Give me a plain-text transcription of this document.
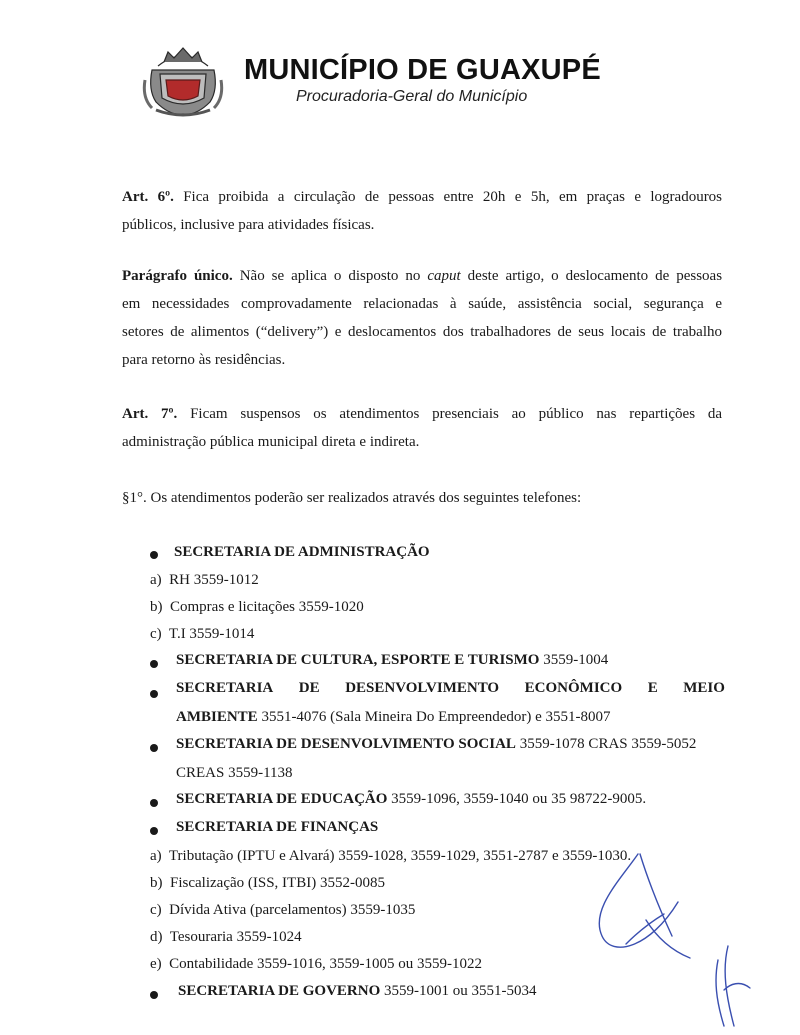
MUNICÍPIO DE GUAXUPÉ
Procuradoria-Geral do Município
Art. 6º. Fica proibida a circulação de pessoas entre 20h e 5h, em praças e logradouros
públicos, inclusive para atividades físicas.
Parágrafo único. Não se aplica o disposto no caput deste artigo, o deslocamento de pessoas
em necessidades comprovadamente relacionadas à saúde, assistência social, segurança e
setores de alimentos (“delivery”) e deslocamentos dos trabalhadores de seus locais de trabalho
para retorno às residências.
Art. 7º. Ficam suspensos os atendimentos presenciais ao público nas repartições da
administração pública municipal direta e indireta.
§1°. Os atendimentos poderão ser realizados através dos seguintes telefones:
SECRETARIA DE ADMINISTRAÇÃO
a) RH 3559-1012
b) Compras e licitações 3559-1020
c) T.I 3559-1014
SECRETARIA DE CULTURA, ESPORTE E TURISMO 3559-1004
SECRETARIA DE DESENVOLVIMENTO ECONÔMICO E MEIO
AMBIENTE 3551-4076 (Sala Mineira Do Empreendedor) e 3551-8007
SECRETARIA DE DESENVOLVIMENTO SOCIAL 3559-1078 CRAS 3559-5052
CREAS 3559-1138
SECRETARIA DE EDUCAÇÃO 3559-1096, 3559-1040 ou 35 98722-9005.
SECRETARIA DE FINANÇAS
a) Tributação (IPTU e Alvará) 3559-1028, 3559-1029, 3551-2787 e 3559-1030.
b) Fiscalização (ISS, ITBI) 3552-0085
c) Dívida Ativa (parcelamentos) 3559-1035
d) Tesouraria 3559-1024
e) Contabilidade 3559-1016, 3559-1005 ou 3559-1022
SECRETARIA DE GOVERNO 3559-1001 ou 3551-5034
